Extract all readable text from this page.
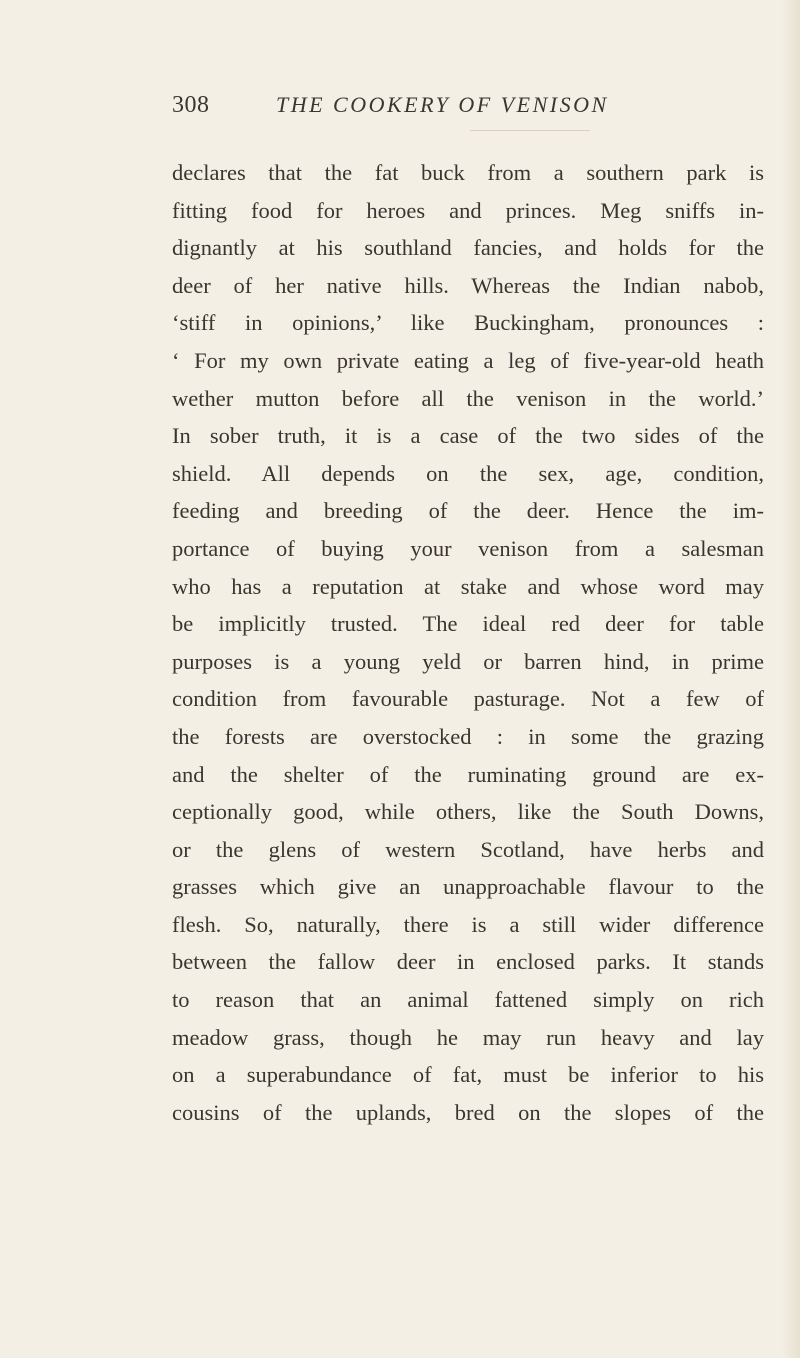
308	THE COOKERY OF VENISON
declares that the fat buck from a southern park is
fitting food for heroes and princes. Meg sniffs in-
dignantly at his southland fancies, and holds for the
deer of her native hills. Whereas the Indian nabob,
‘stiff in opinions,’ like Buckingham, pronounces :
‘ For my own private eating a leg of five-year-old heath
wether mutton before all the venison in the world.’
In sober truth, it is a case of the two sides of the
shield. All depends on the sex, age, condition,
feeding and breeding of the deer. Hence the im-
portance of buying your venison from a salesman
who has a reputation at stake and whose word may
be implicitly trusted. The ideal red deer for table
purposes is a young yeld or barren hind, in prime
condition from favourable pasturage. Not a few of
the forests are overstocked : in some the grazing
and the shelter of the ruminating ground are ex-
ceptionally good, while others, like the South Downs,
or the glens of western Scotland, have herbs and
grasses which give an unapproachable flavour to the
flesh. So, naturally, there is a still wider difference
between the fallow deer in enclosed parks. It stands
to reason that an animal fattened simply on rich
meadow grass, though he may run heavy and lay
on a superabundance of fat, must be inferior to his
cousins of the uplands, bred on the slopes of the
